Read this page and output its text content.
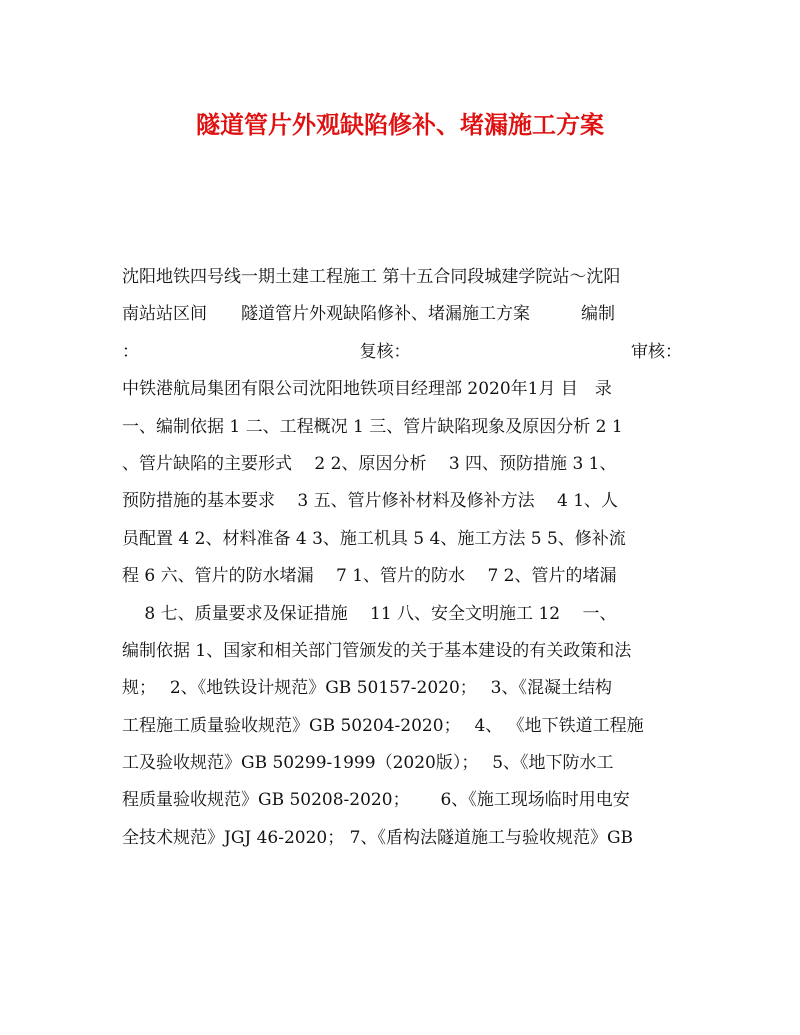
隧道管片外观缺陷修补、堵漏施工方案
沈阳地铁四号线一期土建工程施工 第十五合同段城建学院站～沈阳
南站站区间　　隧道管片外观缺陷修补、堵漏施工方案　　　编制
：	复核：	审核：
中铁港航局集团有限公司沈阳地铁项目经理部 2020年1月 目　录
一、编制依据 1 二、工程概况 1 三、管片缺陷现象及原因分析 2 1
、管片缺陷的主要形式　 2 2、原因分析　 3 四、预防措施 3 1、
预防措施的基本要求　 3 五、管片修补材料及修补方法　 4 1、人
员配置 4 2、材料准备 4 3、施工机具 5 4、施工方法 5 5、修补流
程 6 六、管片的防水堵漏　 7 1、管片的防水　 7 2、管片的堵漏
　 8 七、质量要求及保证措施　 11 八、安全文明施工 12　 一、
编制依据 1、国家和相关部门管颁发的关于基本建设的有关政策和法
规；　 2、《地铁设计规范》GB 50157-2020；　 3、《混凝土结构
工程施工质量验收规范》GB 50204-2020；　 4、 《地下铁道工程施
工及验收规范》GB 50299-1999（2020版）；　 5、《地下防水工
程质量验收规范》GB 50208-2020；　　 6、《施工现场临时用电安
全技术规范》JGJ 46-2020； 7、《盾构法隧道施工与验收规范》GB
